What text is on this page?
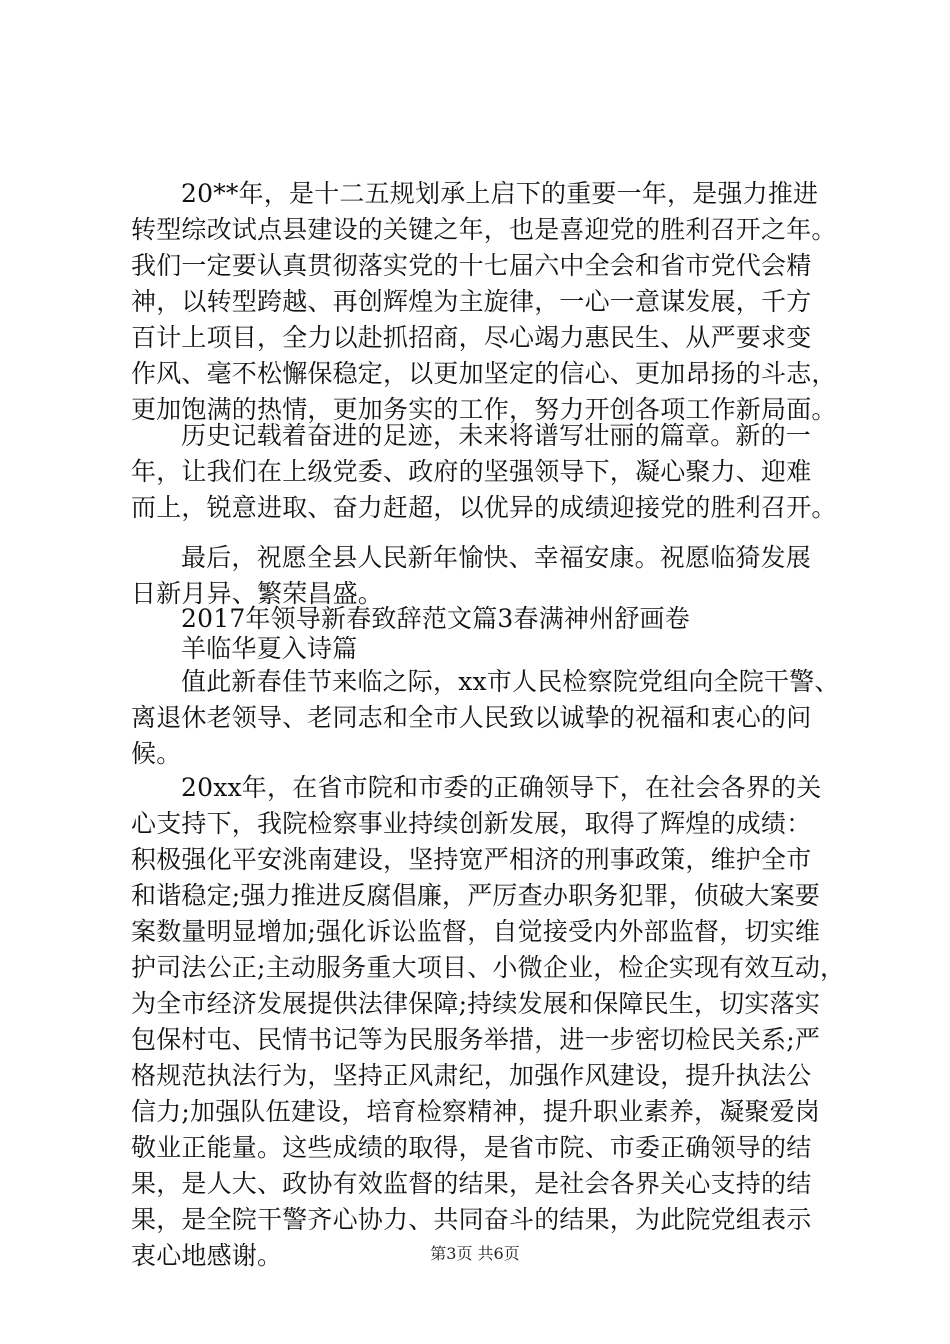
20**年，是十二五规划承上启下的重要一年，是强力推进
转型综改试点县建设的关键之年，也是喜迎党的胜利召开之年。
我们一定要认真贯彻落实党的十七届六中全会和省市党代会精
神，以转型跨越、再创辉煌为主旋律，一心一意谋发展，千方
百计上项目，全力以赴抓招商，尽心竭力惠民生、从严要求变
作风、毫不松懈保稳定，以更加坚定的信心、更加昂扬的斗志，
更加饱满的热情，更加务实的工作，努力开创各项工作新局面。

历史记载着奋进的足迹，未来将谱写壮丽的篇章。新的一
年，让我们在上级党委、政府的坚强领导下，凝心聚力、迎难
而上，锐意进取、奋力赶超，以优异的成绩迎接党的胜利召开。

最后，祝愿全县人民新年愉快、幸福安康。祝愿临猗发展
日新月异、繁荣昌盛。

2017年领导新春致辞范文篇3春满神州舒画卷
羊临华夏入诗篇

值此新春佳节来临之际，xx市人民检察院党组向全院干警、
离退休老领导、老同志和全市人民致以诚挚的祝福和衷心的问
候。

20xx年，在省市院和市委的正确领导下，在社会各界的关
心支持下，我院检察事业持续创新发展，取得了辉煌的成绩：
积极强化平安洮南建设，坚持宽严相济的刑事政策，维护全市
和谐稳定;强力推进反腐倡廉，严厉查办职务犯罪，侦破大案要
案数量明显增加;强化诉讼监督，自觉接受内外部监督，切实维
护司法公正;主动服务重大项目、小微企业，检企实现有效互动，
为全市经济发展提供法律保障;持续发展和保障民生，切实落实
包保村屯、民情书记等为民服务举措，进一步密切检民关系;严
格规范执法行为，坚持正风肃纪，加强作风建设，提升执法公
信力;加强队伍建设，培育检察精神，提升职业素养，凝聚爱岗
敬业正能量。这些成绩的取得，是省市院、市委正确领导的结
果，是人大、政协有效监督的结果，是社会各界关心支持的结
果，是全院干警齐心协力、共同奋斗的结果，为此院党组表示
衷心地感谢。	第3页 共6页
